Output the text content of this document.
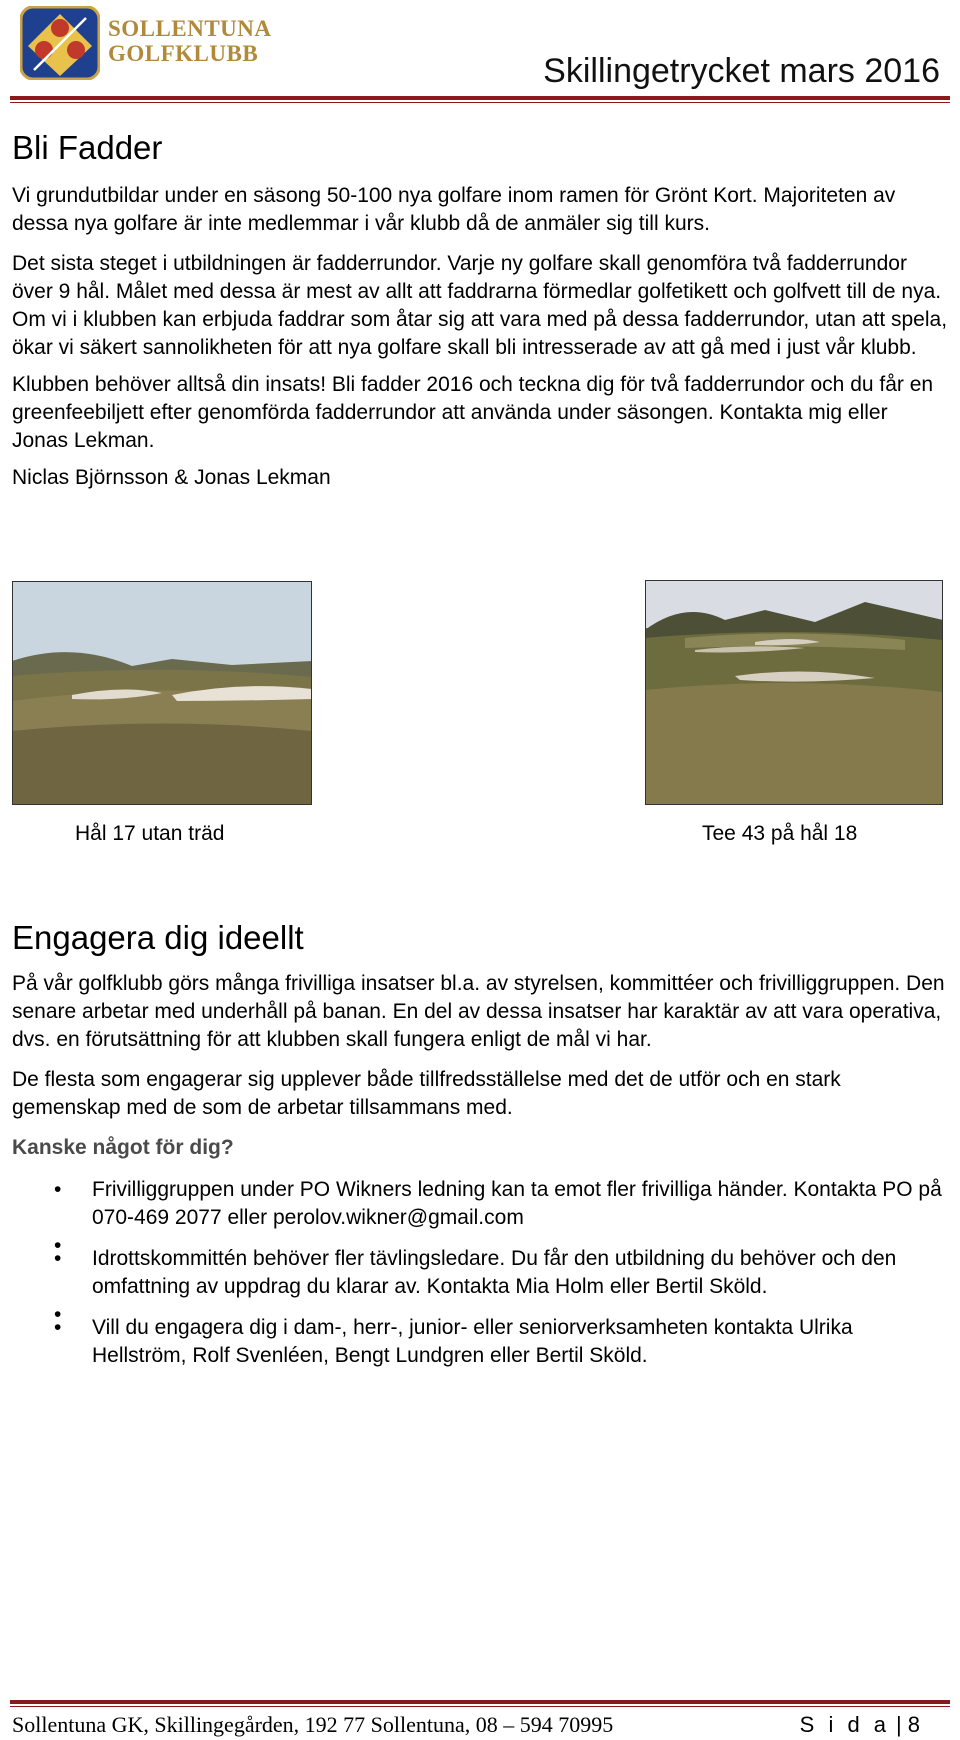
SOLLENTUNA
GOLFKLUBB	Skillingetrycket mars 2016
Bli Fadder

Vi grundutbildar under en säsong 50-100 nya golfare inom ramen för Grönt Kort. Majoriteten av dessa nya golfare är inte medlemmar i vår klubb då de anmäler sig till kurs.

Det sista steget i utbildningen är fadderrundor. Varje ny golfare skall genomföra två fadderrundor över 9 hål. Målet med dessa är mest av allt att faddrarna förmedlar golfetikett och golfvett till de nya. Om vi i klubben kan erbjuda faddrar som åtar sig att vara med på dessa fadderrundor, utan att spela, ökar vi säkert sannolikheten för att nya golfare skall bli intresserade av att gå med i just vår klubb.

Klubben behöver alltså din insats! Bli fadder 2016 och teckna dig för två fadderrundor och du får en greenfeebiljett efter genomförda fadderrundor att använda under säsongen. Kontakta mig eller Jonas Lekman.

Niclas Björnsson & Jonas Lekman

Hål 17 utan träd	Tee 43 på hål 18
Engagera dig ideellt

På vår golfklubb görs många frivilliga insatser bl.a. av styrelsen, kommittéer och frivilliggruppen. Den senare arbetar med underhåll på banan. En del av dessa insatser har karaktär av att vara operativa, dvs. en förutsättning för att klubben skall fungera enligt de mål vi har.

De flesta som engagerar sig upplever både tillfredsställelse med det de utför och en stark gemenskap med de som de arbetar tillsammans med.

Kanske något för dig?

• Frivilliggruppen under PO Wikners ledning kan ta emot fler frivilliga händer. Kontakta PO på 070-469 2077 eller perolov.wikner@gmail.com
•
• Idrottskommittén behöver fler tävlingsledare. Du får den utbildning du behöver och den omfattning av uppdrag du klarar av. Kontakta Mia Holm eller Bertil Sköld.
•
• Vill du engagera dig i dam-, herr-, junior- eller seniorverksamheten kontakta Ulrika Hellström, Rolf Svenléen, Bengt Lundgren eller Bertil Sköld.
Sollentuna GK, Skillingegården, 192 77 Sollentuna, 08 – 594 70995	S i d a | 8
